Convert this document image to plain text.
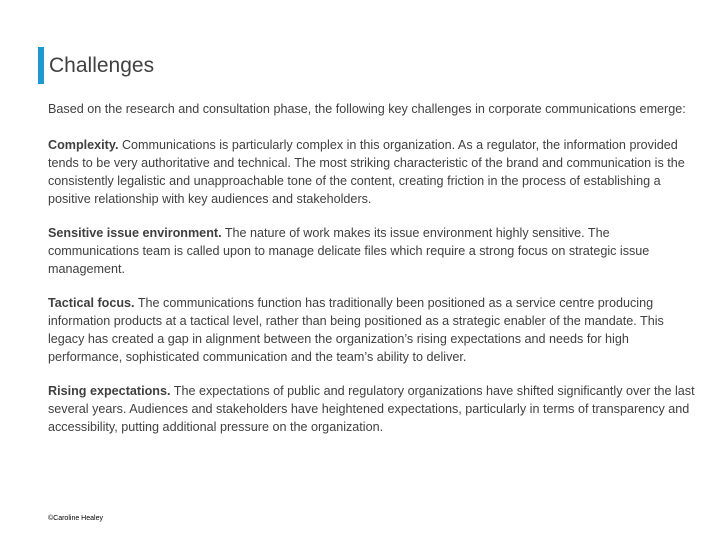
Challenges

Based on the research and consultation phase, the following key challenges in corporate communications emerge:

Complexity. Communications is particularly complex in this organization. As a regulator, the information provided tends to be very authoritative and technical. The most striking characteristic of the brand and communication is the consistently legalistic and unapproachable tone of the content, creating friction in the process of establishing a positive relationship with key audiences and stakeholders.

Sensitive issue environment. The nature of work makes its issue environment highly sensitive. The communications team is called upon to manage delicate files which require a strong focus on strategic issue management.

Tactical focus. The communications function has traditionally been positioned as a service centre producing information products at a tactical level, rather than being positioned as a strategic enabler of the mandate. This legacy has created a gap in alignment between the organization’s rising expectations and needs for high performance, sophisticated communication and the team’s ability to deliver.

Rising expectations. The expectations of public and regulatory organizations have shifted significantly over the last several years. Audiences and stakeholders have heightened expectations, particularly in terms of transparency and accessibility, putting additional pressure on the organization.

©Caroline Healey
